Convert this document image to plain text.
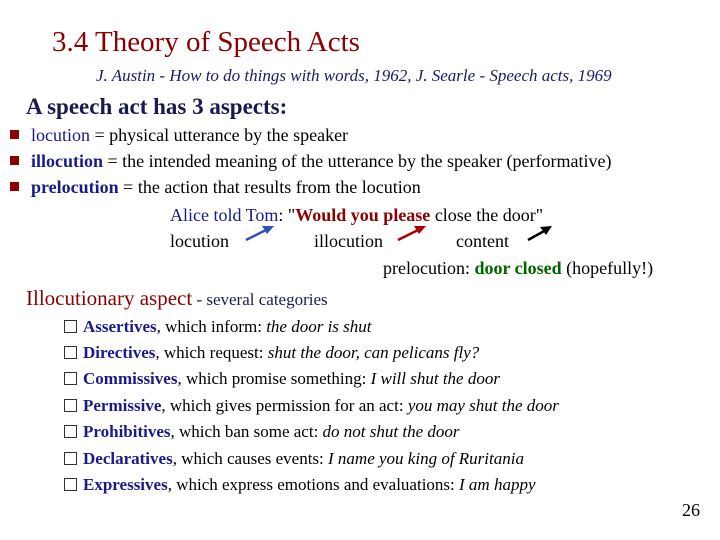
3.4 Theory of Speech Acts
J. Austin - How to do things with words, 1962, J. Searle - Speech acts, 1969
A speech act has 3 aspects:
locution = physical utterance by the speaker
illocution = the intended meaning of the utterance by the speaker (performative)
prelocution = the action that results from the locution
Alice told Tom: "Would you please close the door"
locution	illocution	content
prelocution: door closed (hopefully!)
Illocutionary aspect - several categories
Assertives, which inform: the door is shut
Directives, which request: shut the door, can pelicans fly?
Commissives, which promise something: I will shut the door
Permissive, which gives permission for an act: you may shut the door
Prohibitives, which ban some act: do not shut the door
Declaratives, which causes events: I name you king of Ruritania
Expressives, which express emotions and evaluations: I am happy
26
